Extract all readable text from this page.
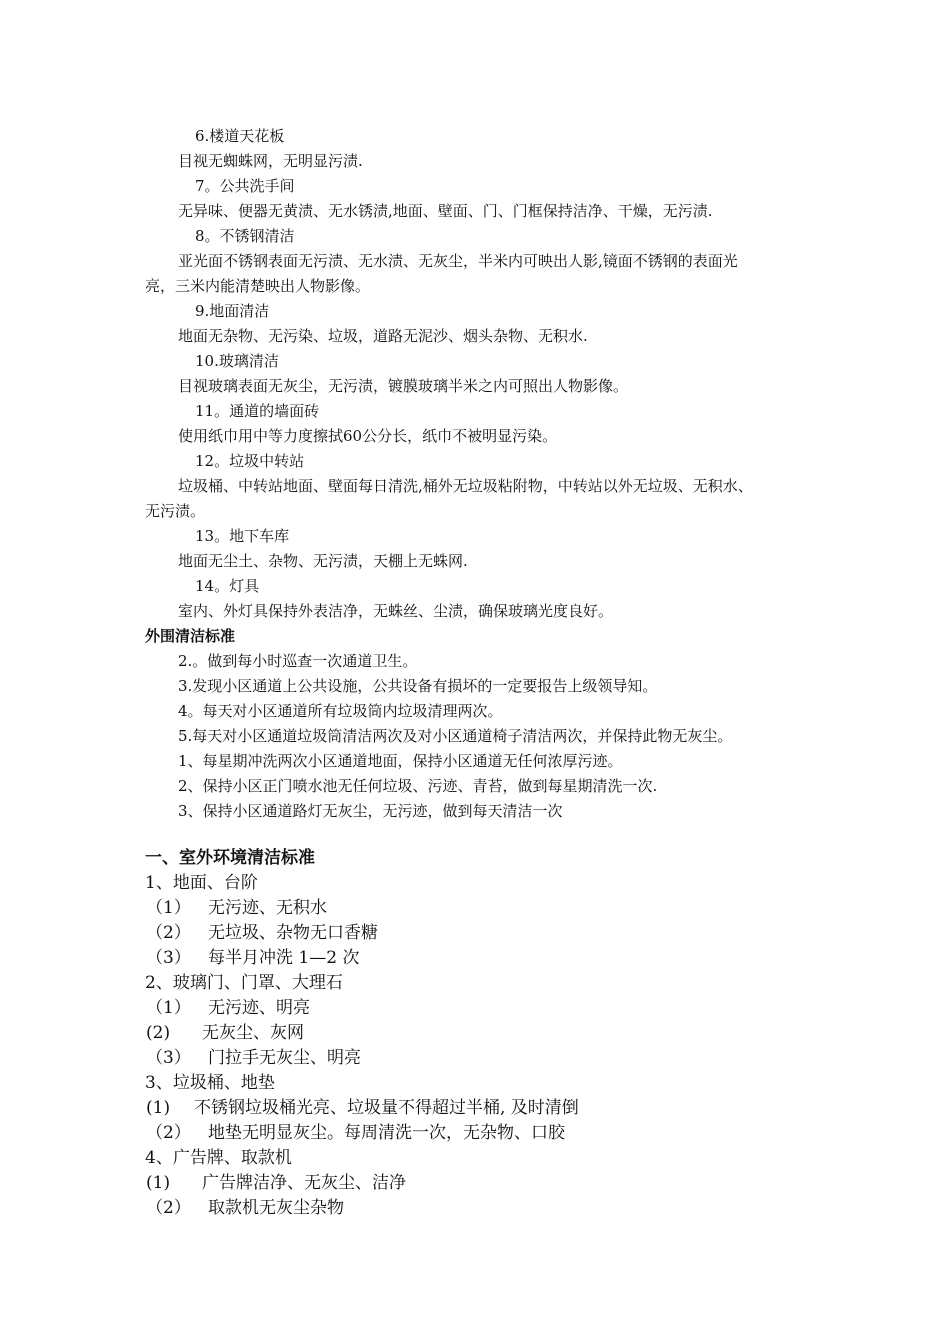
6.楼道天花板
目视无蜘蛛网，无明显污渍.
7。公共洗手间
无异味、便器无黄渍、无水锈渍,地面、壁面、门、门框保持洁净、干燥，无污渍.
8。不锈钢清洁
亚光面不锈钢表面无污渍、无水渍、无灰尘，半米内可映出人影,镜面不锈钢的表面光
亮，三米内能清楚映出人物影像。
9.地面清洁
地面无杂物、无污染、垃圾，道路无泥沙、烟头杂物、无积水.
10.玻璃清洁
目视玻璃表面无灰尘，无污渍，镀膜玻璃半米之内可照出人物影像。
11。通道的墙面砖
使用纸巾用中等力度擦拭60公分长，纸巾不被明显污染。
12。垃圾中转站
垃圾桶、中转站地面、壁面每日清洗,桶外无垃圾粘附物，中转站以外无垃圾、无积水、
无污渍。
13。地下车库
地面无尘土、杂物、无污渍，天棚上无蛛网.
14。灯具
室内、外灯具保持外表洁净，无蛛丝、尘渍，确保玻璃光度良好。
外围清洁标准
2.。做到每小时巡查一次通道卫生。
3.发现小区通道上公共设施，公共设备有损坏的一定要报告上级领导知。
4。每天对小区通道所有垃圾筒内垃圾清理两次。
5.每天对小区通道垃圾筒清洁两次及对小区通道椅子清洁两次，并保持此物无灰尘。
1、每星期冲洗两次小区通道地面，保持小区通道无任何浓厚污迹。
2、保持小区正门喷水池无任何垃圾、污迹、青苔，做到每星期清洗一次.
3、保持小区通道路灯无灰尘，无污迹，做到每天清洁一次
一、室外环境清洁标准
1、地面、台阶
（1） 无污迹、无积水
（2） 无垃圾、杂物无口香糖
（3） 每半月冲洗 1—2 次
2、玻璃门、门罩、大理石
（1） 无污迹、明亮
(2) 无灰尘、灰网
（3） 门拉手无灰尘、明亮
3、垃圾桶、地垫
(1) 不锈钢垃圾桶光亮、垃圾量不得超过半桶, 及时清倒
（2） 地垫无明显灰尘。每周清洗一次，无杂物、口胶
4、广告牌、取款机
(1) 广告牌洁净、无灰尘、洁净
（2） 取款机无灰尘杂物
